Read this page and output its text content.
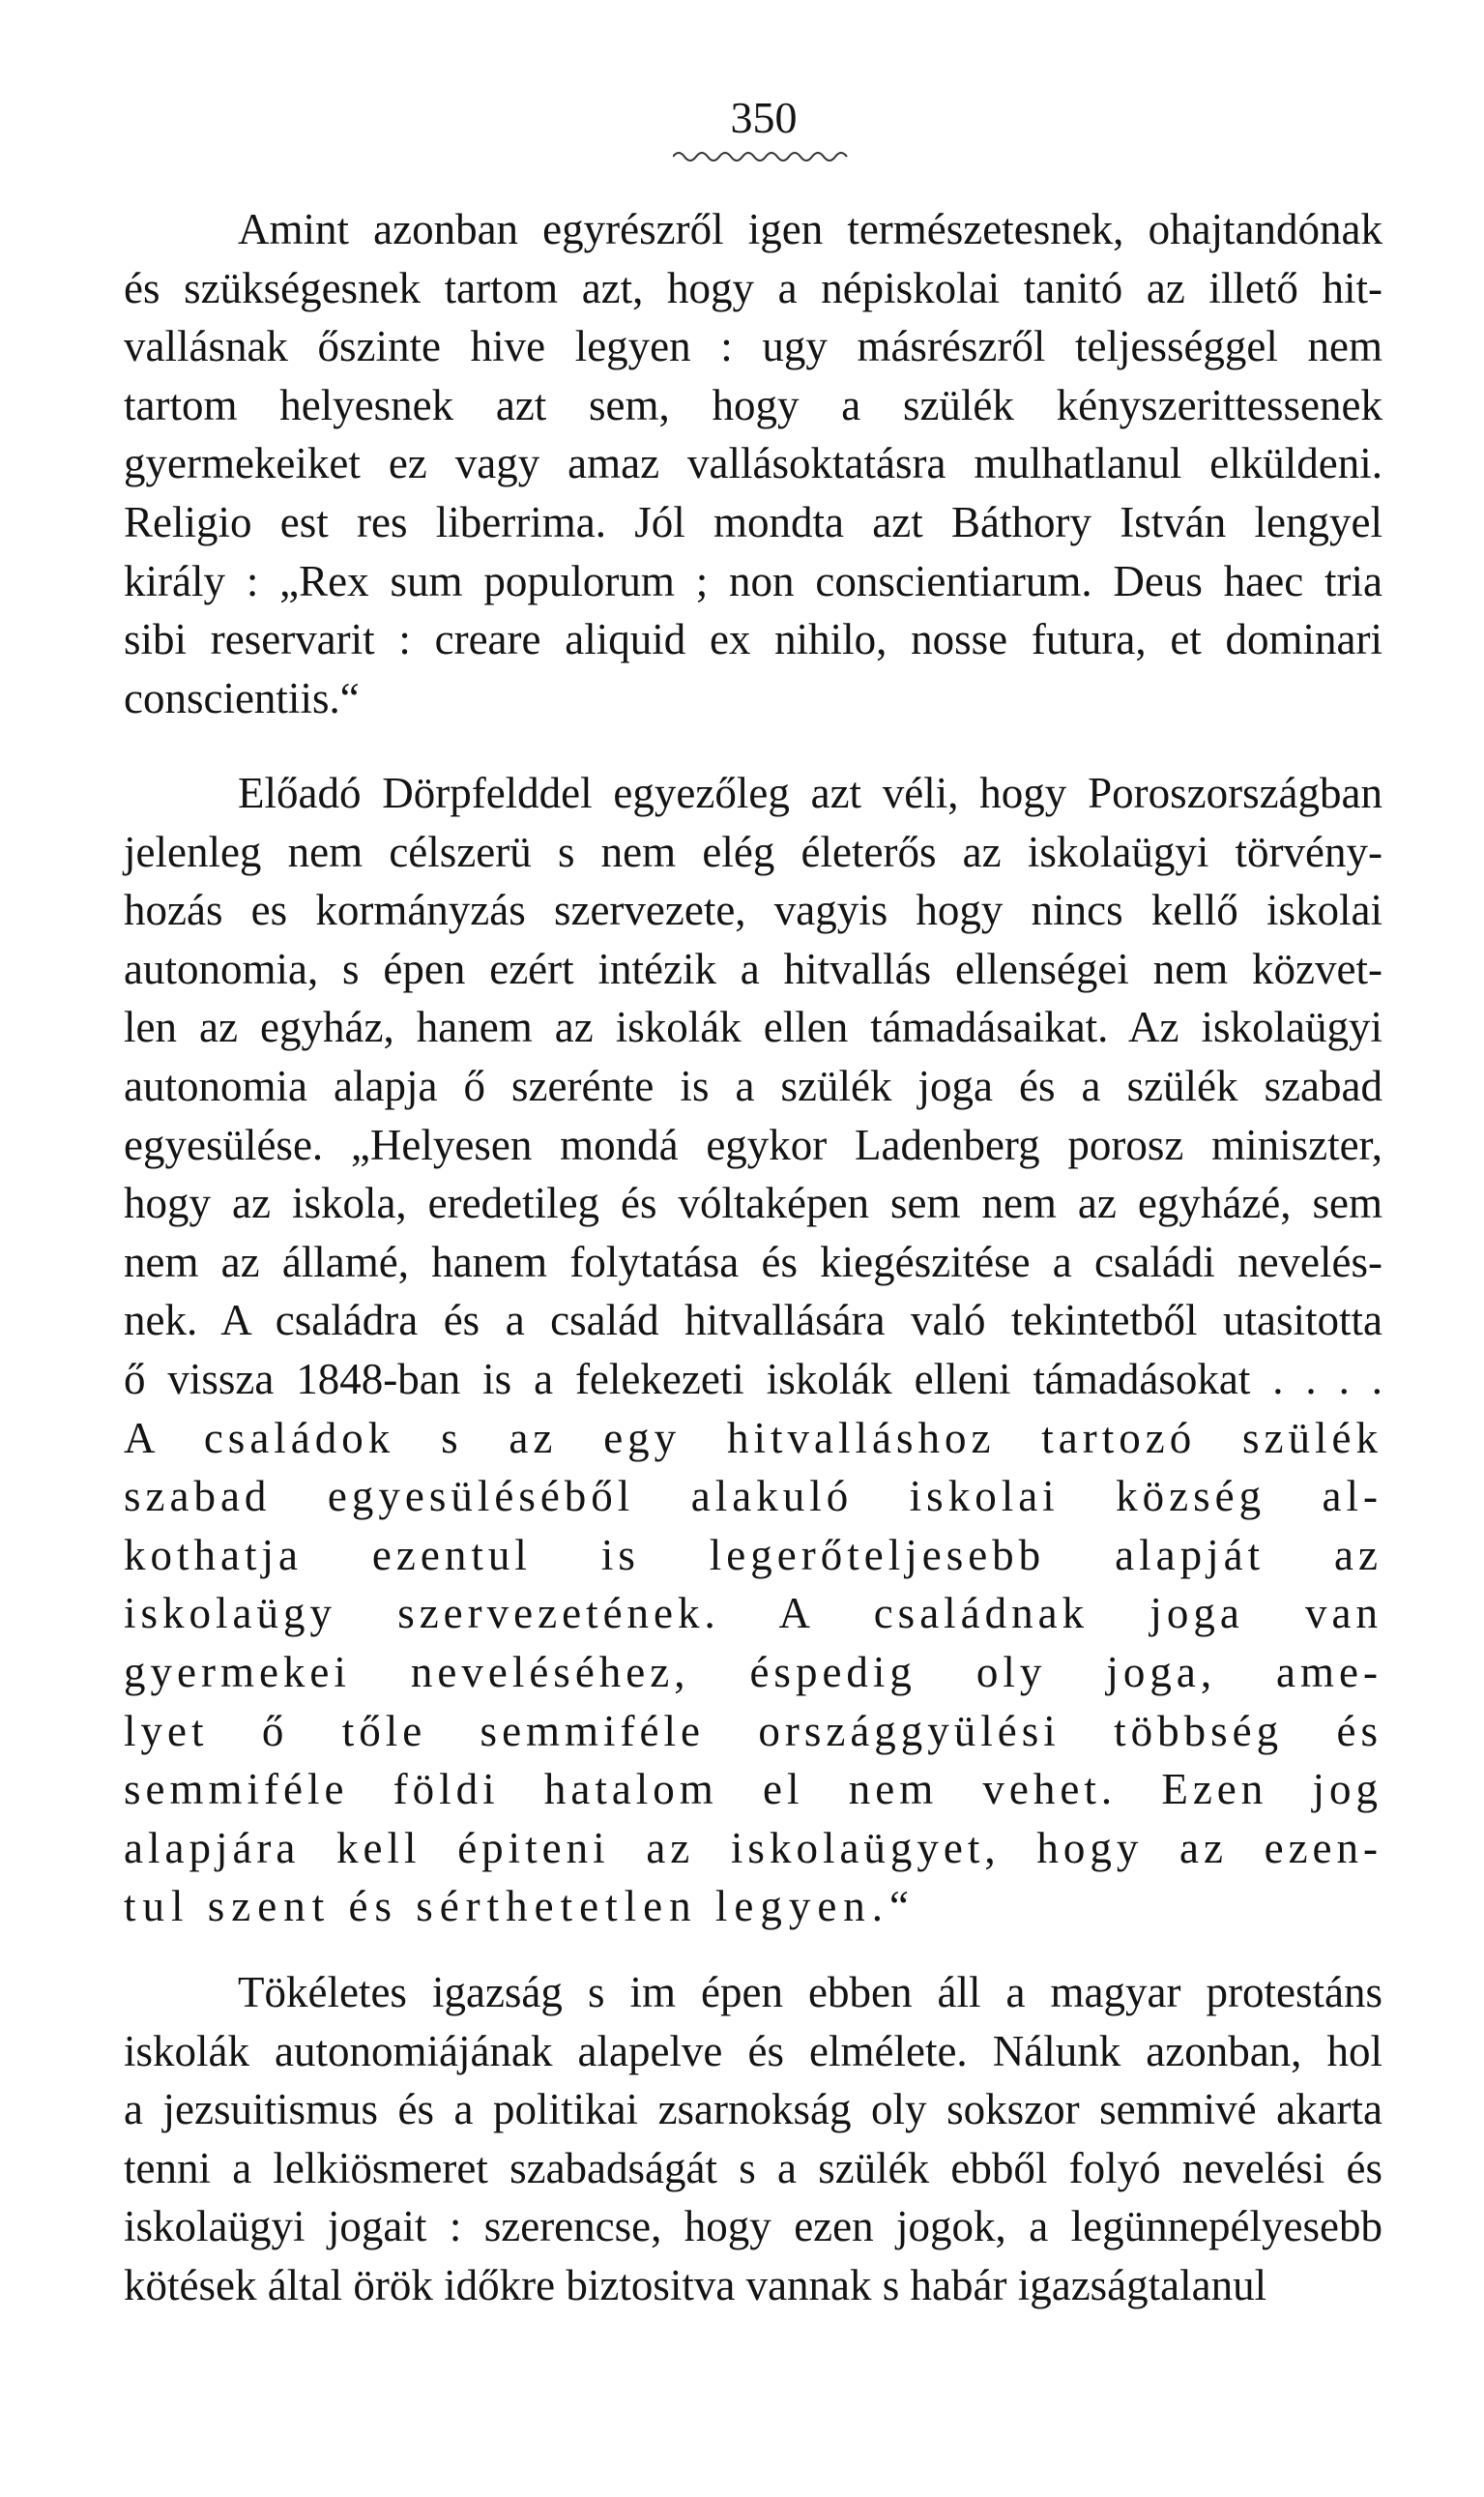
350
Amint azonban egyrészről igen természetesnek, ohajtandónak
és szükségesnek tartom azt, hogy a népiskolai tanitó az illető hit-
vallásnak őszinte hive legyen : ugy másrészről teljességgel nem
tartom helyesnek azt sem, hogy a szülék kényszerittessenek
gyermekeiket ez vagy amaz vallásoktatásra mulhatlanul elküldeni.
Religio est res liberrima. Jól mondta azt Báthory István lengyel
király : „Rex sum populorum ; non conscientiarum. Deus haec tria
sibi reservarit : creare aliquid ex nihilo, nosse futura, et dominari
conscientiis.“
Előadó Dörpfelddel egyezőleg azt véli, hogy Poroszországban
jelenleg nem célszerü s nem elég életerős az iskolaügyi törvény-
hozás es kormányzás szervezete, vagyis hogy nincs kellő iskolai
autonomia, s épen ezért intézik a hitvallás ellenségei nem közvet-
len az egyház, hanem az iskolák ellen támadásaikat. Az iskolaügyi
autonomia alapja ő szerénte is a szülék joga és a szülék szabad
egyesülése. „Helyesen mondá egykor Ladenberg porosz miniszter,
hogy az iskola, eredetileg és vóltaképen sem nem az egyházé, sem
nem az államé, hanem folytatása és kiegészitése a családi nevelés-
nek. A családra és a család hitvallására való tekintetből utasitotta
ő vissza 1848-ban is a felekezeti iskolák elleni támadásokat . . . .
A családok s az egy hitvalláshoz tartozó szülék
szabad egyesüléséből alakuló iskolai község al-
kothatja ezentul is legerőteljesebb alapját az
iskolaügy szervezetének. A családnak joga van
gyermekei neveléséhez, éspedig oly joga, ame-
lyet ő tőle semmiféle országgyülési többség és
semmiféle földi hatalom el nem vehet. Ezen jog
alapjára kell épiteni az iskolaügyet, hogy az ezen-
tul szent és sérthetetlen legyen.“
Tökéletes igazság s im épen ebben áll a magyar protestáns
iskolák autonomiájának alapelve és elmélete. Nálunk azonban, hol
a jezsuitismus és a politikai zsarnokság oly sokszor semmivé akarta
tenni a lelkiösmeret szabadságát s a szülék ebből folyó nevelési és
iskolaügyi jogait : szerencse, hogy ezen jogok, a legünnepélyesebb
kötések által örök időkre biztositva vannak s habár igazságtalanul
